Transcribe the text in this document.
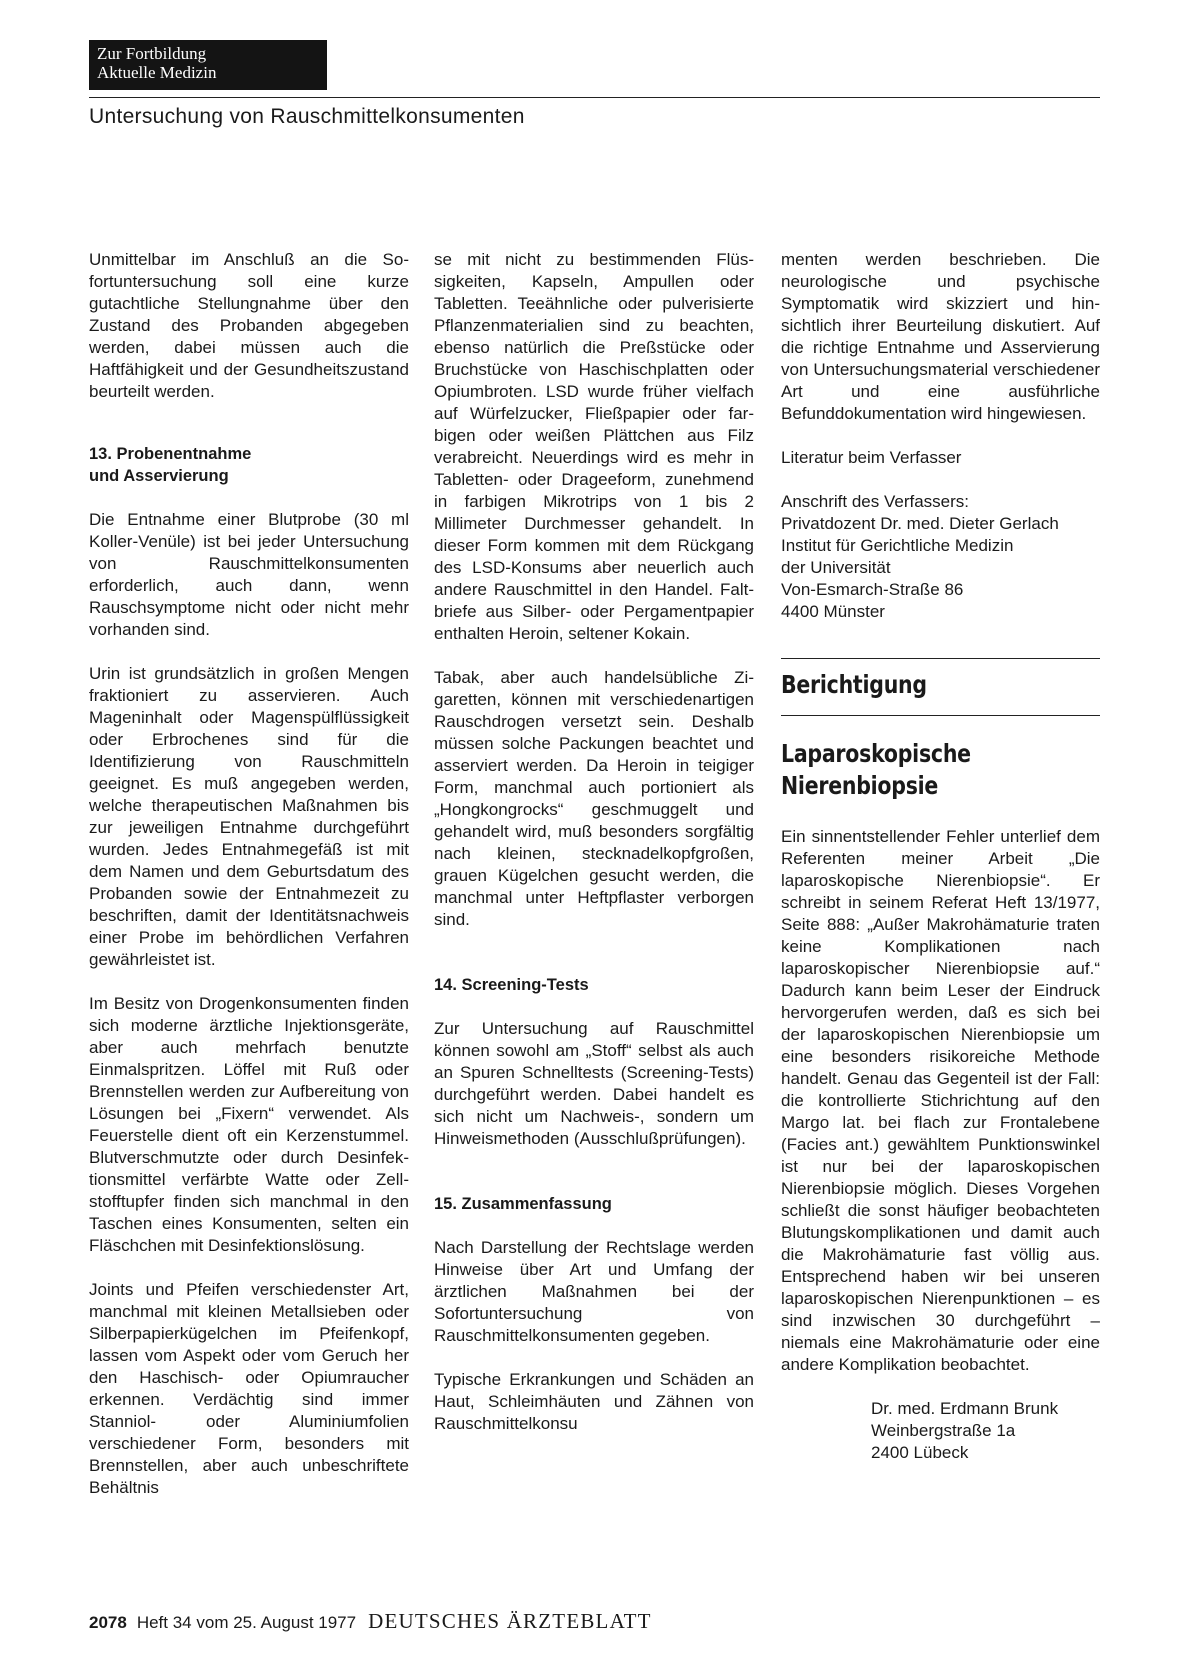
Zur Fortbildung
Aktuelle Medizin
Untersuchung von Rauschmittelkonsumenten

Unmittelbar im Anschluß an die Sofortuntersuchung soll eine kurze gutachtliche Stellungnahme über den Zustand des Probanden abgegeben werden, dabei müssen auch die Haftfähigkeit und der Gesundheitszustand beurteilt werden.

13. Probenentnahme
und Asservierung

Die Entnahme einer Blutprobe (30 ml Koller-Venüle) ist bei jeder Untersuchung von Rauschmittelkonsumenten erforderlich, auch dann, wenn Rauschsymptome nicht oder nicht mehr vorhanden sind.

Urin ist grundsätzlich in großen Mengen fraktioniert zu asservieren. Auch Mageninhalt oder Magenspülflüssigkeit oder Erbrochenes sind für die Identifizierung von Rauschmitteln geeignet. Es muß angegeben werden, welche therapeutischen Maßnahmen bis zur jeweiligen Entnahme durchgeführt wurden. Jedes Entnahmegefäß ist mit dem Namen und dem Geburtsdatum des Probanden sowie der Entnahmezeit zu beschriften, damit der Identitätsnachweis einer Probe im behördlichen Verfahren gewährleistet ist.

Im Besitz von Drogenkonsumenten finden sich moderne ärztliche Injektionsgeräte, aber auch mehrfach benutzte Einmalspritzen. Löffel mit Ruß oder Brennstellen werden zur Aufbereitung von Lösungen bei „Fixern“ verwendet. Als Feuerstelle dient oft ein Kerzenstummel. Blutverschmutzte oder durch Desinfektionsmittel verfärbte Watte oder Zellstofftupfer finden sich manchmal in den Taschen eines Konsumenten, selten ein Fläschchen mit Desinfektionslösung.

Joints und Pfeifen verschiedenster Art, manchmal mit kleinen Metallsieben oder Silberpapierkügelchen im Pfeifenkopf, lassen vom Aspekt oder vom Geruch her den Haschisch- oder Opiumraucher erkennen. Verdächtig sind immer Stanniol- oder Aluminiumfolien verschiedener Form, besonders mit Brennstellen, aber auch unbeschriftete Behältnis

se mit nicht zu bestimmenden Flüssigkeiten, Kapseln, Ampullen oder Tabletten. Teeähnliche oder pulverisierte Pflanzenmaterialien sind zu beachten, ebenso natürlich die Preßstücke oder Bruchstücke von Haschischplatten oder Opiumbroten. LSD wurde früher vielfach auf Würfelzucker, Fließpapier oder farbigen oder weißen Plättchen aus Filz verabreicht. Neuerdings wird es mehr in Tabletten- oder Drageeform, zunehmend in farbigen Mikrotrips von 1 bis 2 Millimeter Durchmesser gehandelt. In dieser Form kommen mit dem Rückgang des LSD-Konsums aber neuerlich auch andere Rauschmittel in den Handel. Faltbriefe aus Silber- oder Pergamentpapier enthalten Heroin, seltener Kokain.

Tabak, aber auch handelsübliche Zigaretten, können mit verschiedenartigen Rauschdrogen versetzt sein. Deshalb müssen solche Packungen beachtet und asserviert werden. Da Heroin in teigiger Form, manchmal auch portioniert als „Hongkongrocks“ geschmuggelt und gehandelt wird, muß besonders sorgfältig nach kleinen, stecknadelkopfgroßen, grauen Kügelchen gesucht werden, die manchmal unter Heftpflaster verborgen sind.

14. Screening-Tests

Zur Untersuchung auf Rauschmittel können sowohl am „Stoff“ selbst als auch an Spuren Schnelltests (Screening-Tests) durchgeführt werden. Dabei handelt es sich nicht um Nachweis-, sondern um Hinweismethoden (Ausschlußprüfungen).

15. Zusammenfassung

Nach Darstellung der Rechtslage werden Hinweise über Art und Umfang der ärztlichen Maßnahmen bei der Sofortuntersuchung von Rauschmittelkonsumenten gegeben.

Typische Erkrankungen und Schäden an Haut, Schleimhäuten und Zähnen von Rauschmittelkonsu

menten werden beschrieben. Die neurologische und psychische Symptomatik wird skizziert und hinsichtlich ihrer Beurteilung diskutiert. Auf die richtige Entnahme und Asservierung von Untersuchungsmaterial verschiedener Art und eine ausführliche Befunddokumentation wird hingewiesen.

Literatur beim Verfasser

Anschrift des Verfassers:
Privatdozent Dr. med. Dieter Gerlach
Institut für Gerichtliche Medizin
der Universität
Von-Esmarch-Straße 86
4400 Münster
Berichtigung
Laparoskopische
Nierenbiopsie

Ein sinnentstellender Fehler unterlief dem Referenten meiner Arbeit „Die laparoskopische Nierenbiopsie“. Er schreibt in seinem Referat Heft 13/1977, Seite 888: „Außer Makrohämaturie traten keine Komplikationen nach laparoskopischer Nierenbiopsie auf.“ Dadurch kann beim Leser der Eindruck hervorgerufen werden, daß es sich bei der laparoskopischen Nierenbiopsie um eine besonders risikoreiche Methode handelt. Genau das Gegenteil ist der Fall: die kontrollierte Stichrichtung auf den Margo lat. bei flach zur Frontalebene (Facies ant.) gewähltem Punktionswinkel ist nur bei der laparoskopischen Nierenbiopsie möglich. Dieses Vorgehen schließt die sonst häufiger beobachteten Blutungskomplikationen und damit auch die Makrohämaturie fast völlig aus. Entsprechend haben wir bei unseren laparoskopischen Nierenpunktionen – es sind inzwischen 30 durchgeführt – niemals eine Makrohämaturie oder eine andere Komplikation beobachtet.

Dr. med. Erdmann Brunk
Weinbergstraße 1a
2400 Lübeck
2078 Heft 34 vom 25. August 1977 DEUTSCHES ÄRZTEBLATT
